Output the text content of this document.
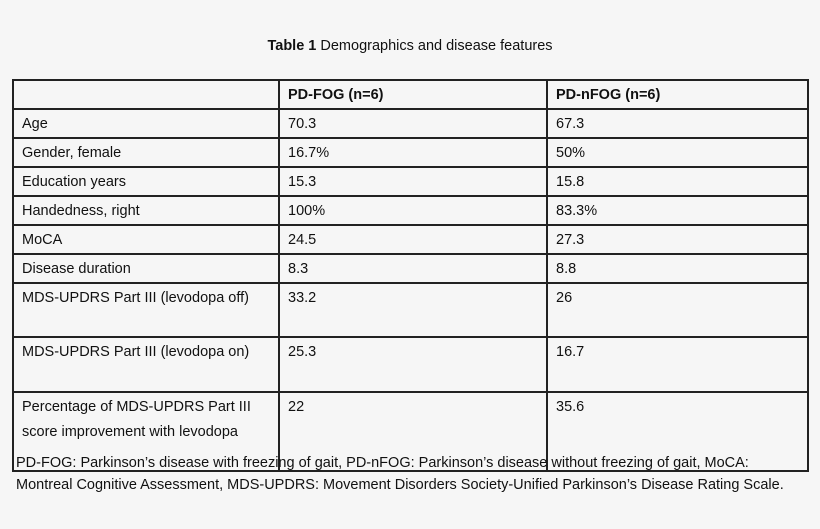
Table 1 Demographics and disease features
	PD-FOG (n=6)	PD-nFOG (n=6)
Age	70.3	67.3
Gender, female	16.7%	50%
Education years	15.3	15.8
Handedness, right	100%	83.3%
MoCA	24.5	27.3
Disease duration	8.3	8.8
MDS-UPDRS Part III (levodopa off)	33.2	26
MDS-UPDRS Part III (levodopa on)	25.3	16.7
Percentage of MDS-UPDRS Part III score improvement with levodopa	22	35.6
PD-FOG: Parkinson’s disease with freezing of gait, PD-nFOG: Parkinson’s disease without freezing of gait, MoCA: Montreal Cognitive Assessment, MDS-UPDRS: Movement Disorders Society-Unified Parkinson’s Disease Rating Scale.
